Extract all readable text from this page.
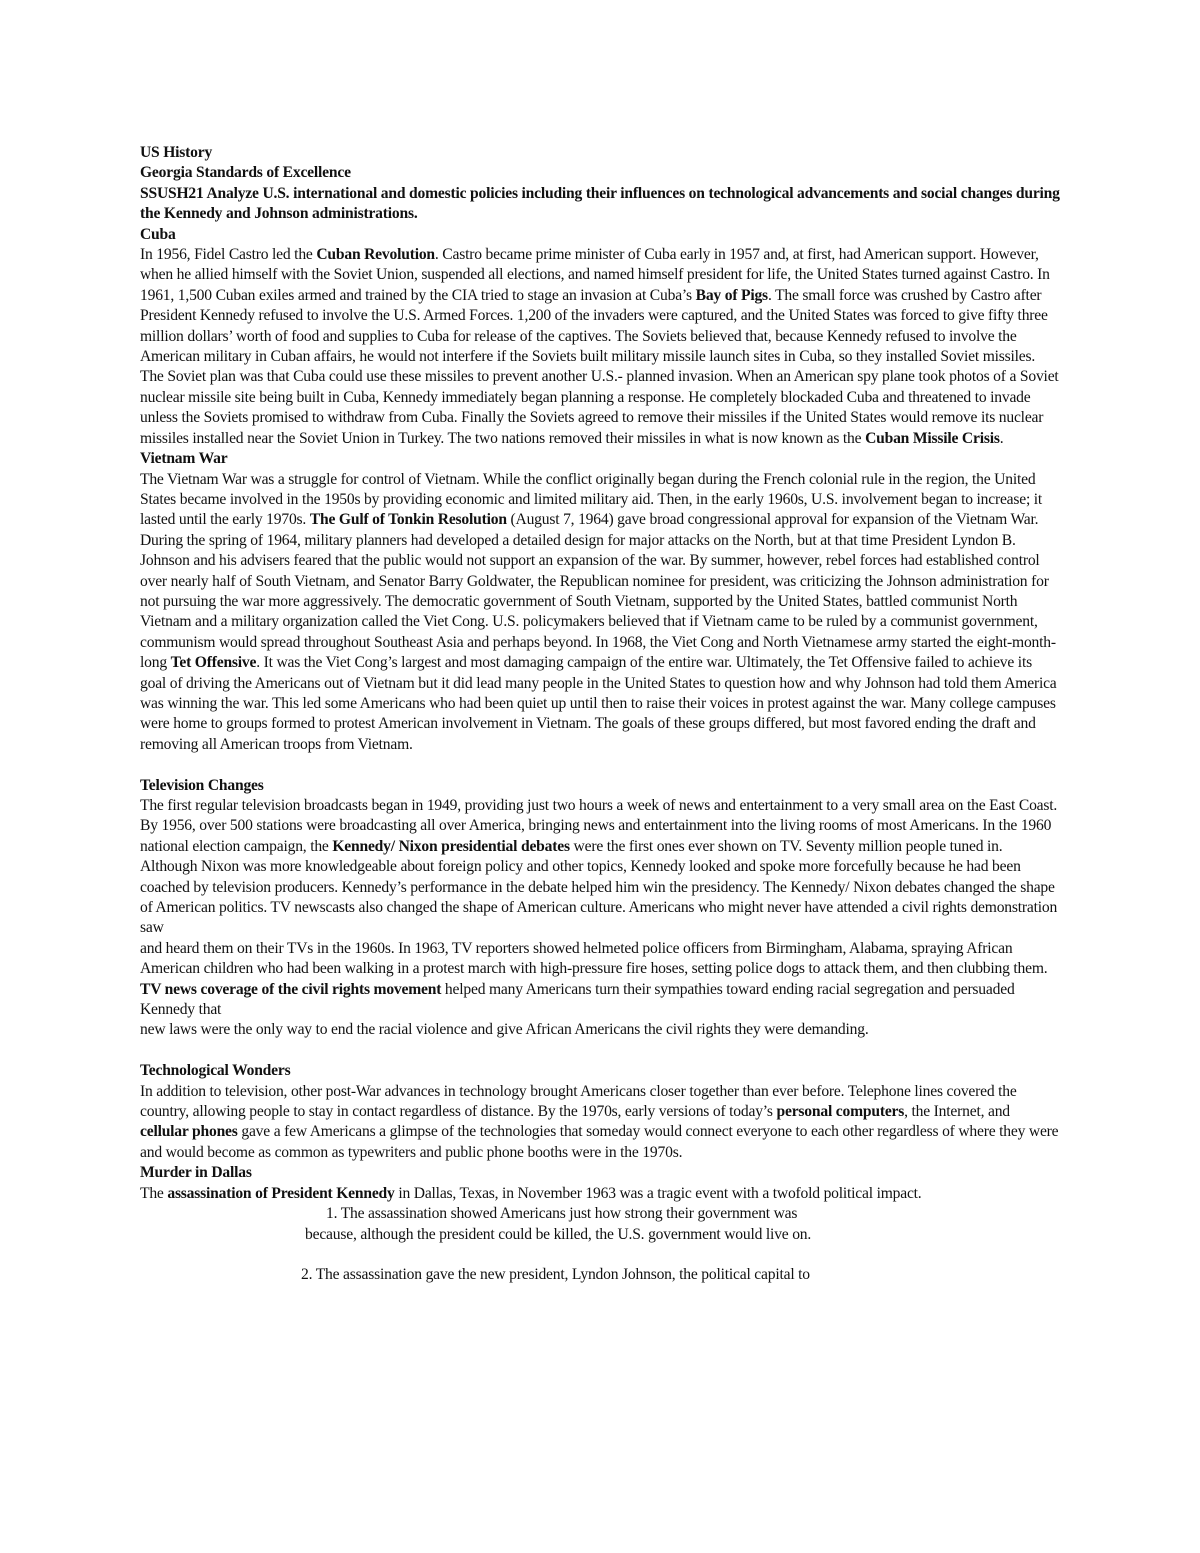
US History

Georgia Standards of Excellence

SSUSH21 Analyze U.S. international and domestic policies including their influences on technological advancements and social changes during the Kennedy and Johnson administrations.

Cuba

In 1956, Fidel Castro led the Cuban Revolution. Castro became prime minister of Cuba early in 1957 and, at first, had American support. However, when he allied himself with the Soviet Union, suspended all elections, and named himself president for life, the United States turned against Castro. In 1961, 1,500 Cuban exiles armed and trained by the CIA tried to stage an invasion at Cuba’s Bay of Pigs. The small force was crushed by Castro after President Kennedy refused to involve the U.S. Armed Forces. 1,200 of the invaders were captured, and the United States was forced to give fifty three million dollars’ worth of food and supplies to Cuba for release of the captives. The Soviets believed that, because Kennedy refused to involve the American military in Cuban affairs, he would not interfere if the Soviets built military missile launch sites in Cuba, so they installed Soviet missiles. The Soviet plan was that Cuba could use these missiles to prevent another U.S.- planned invasion. When an American spy plane took photos of a Soviet nuclear missile site being built in Cuba, Kennedy immediately began planning a response. He completely blockaded Cuba and threatened to invade unless the Soviets promised to withdraw from Cuba. Finally the Soviets agreed to remove their missiles if the United States would remove its nuclear missiles installed near the Soviet Union in Turkey. The two nations removed their missiles in what is now known as the Cuban Missile Crisis.

Vietnam War

The Vietnam War was a struggle for control of Vietnam. While the conflict originally began during the French colonial rule in the region, the United States became involved in the 1950s by providing economic and limited military aid. Then, in the early 1960s, U.S. involvement began to increase; it lasted until the early 1970s. The Gulf of Tonkin Resolution (August 7, 1964) gave broad congressional approval for expansion of the Vietnam War. During the spring of 1964, military planners had developed a detailed design for major attacks on the North, but at that time President Lyndon B. Johnson and his advisers feared that the public would not support an expansion of the war. By summer, however, rebel forces had established control over nearly half of South Vietnam, and Senator Barry Goldwater, the Republican nominee for president, was criticizing the Johnson administration for not pursuing the war more aggressively. The democratic government of South Vietnam, supported by the United States, battled communist North Vietnam and a military organization called the Viet Cong. U.S. policymakers believed that if Vietnam came to be ruled by a communist government, communism would spread throughout Southeast Asia and perhaps beyond. In 1968, the Viet Cong and North Vietnamese army started the eight-month-long Tet Offensive. It was the Viet Cong’s largest and most damaging campaign of the entire war. Ultimately, the Tet Offensive failed to achieve its goal of driving the Americans out of Vietnam but it did lead many people in the United States to question how and why Johnson had told them America was winning the war. This led some Americans who had been quiet up until then to raise their voices in protest against the war. Many college campuses were home to groups formed to protest American involvement in Vietnam. The goals of these groups differed, but most favored ending the draft and removing all American troops from Vietnam.

Television Changes

The first regular television broadcasts began in 1949, providing just two hours a week of news and entertainment to a very small area on the East Coast. By 1956, over 500 stations were broadcasting all over America, bringing news and entertainment into the living rooms of most Americans. In the 1960 national election campaign, the Kennedy/ Nixon presidential debates were the first ones ever shown on TV. Seventy million people tuned in. Although Nixon was more knowledgeable about foreign policy and other topics, Kennedy looked and spoke more forcefully because he had been coached by television producers. Kennedy’s performance in the debate helped him win the presidency. The Kennedy/ Nixon debates changed the shape of American politics. TV newscasts also changed the shape of American culture. Americans who might never have attended a civil rights demonstration saw

and heard them on their TVs in the 1960s. In 1963, TV reporters showed helmeted police officers from Birmingham, Alabama, spraying African American children who had been walking in a protest march with high-pressure fire hoses, setting police dogs to attack them, and then clubbing them. TV news coverage of the civil rights movement helped many Americans turn their sympathies toward ending racial segregation and persuaded Kennedy that

new laws were the only way to end the racial violence and give African Americans the civil rights they were demanding.

Technological Wonders

In addition to television, other post-War advances in technology brought Americans closer together than ever before. Telephone lines covered the country, allowing people to stay in contact regardless of distance. By the 1970s, early versions of today’s personal computers, the Internet, and cellular phones gave a few Americans a glimpse of the technologies that someday would connect everyone to each other regardless of where they were and would become as common as typewriters and public phone booths were in the 1970s.

Murder in Dallas

The assassination of President Kennedy in Dallas, Texas, in November 1963 was a tragic event with a twofold political impact.

1. The assassination showed Americans just how strong their government was

because, although the president could be killed, the U.S. government would live on.

2. The assassination gave the new president, Lyndon Johnson, the political capital to
